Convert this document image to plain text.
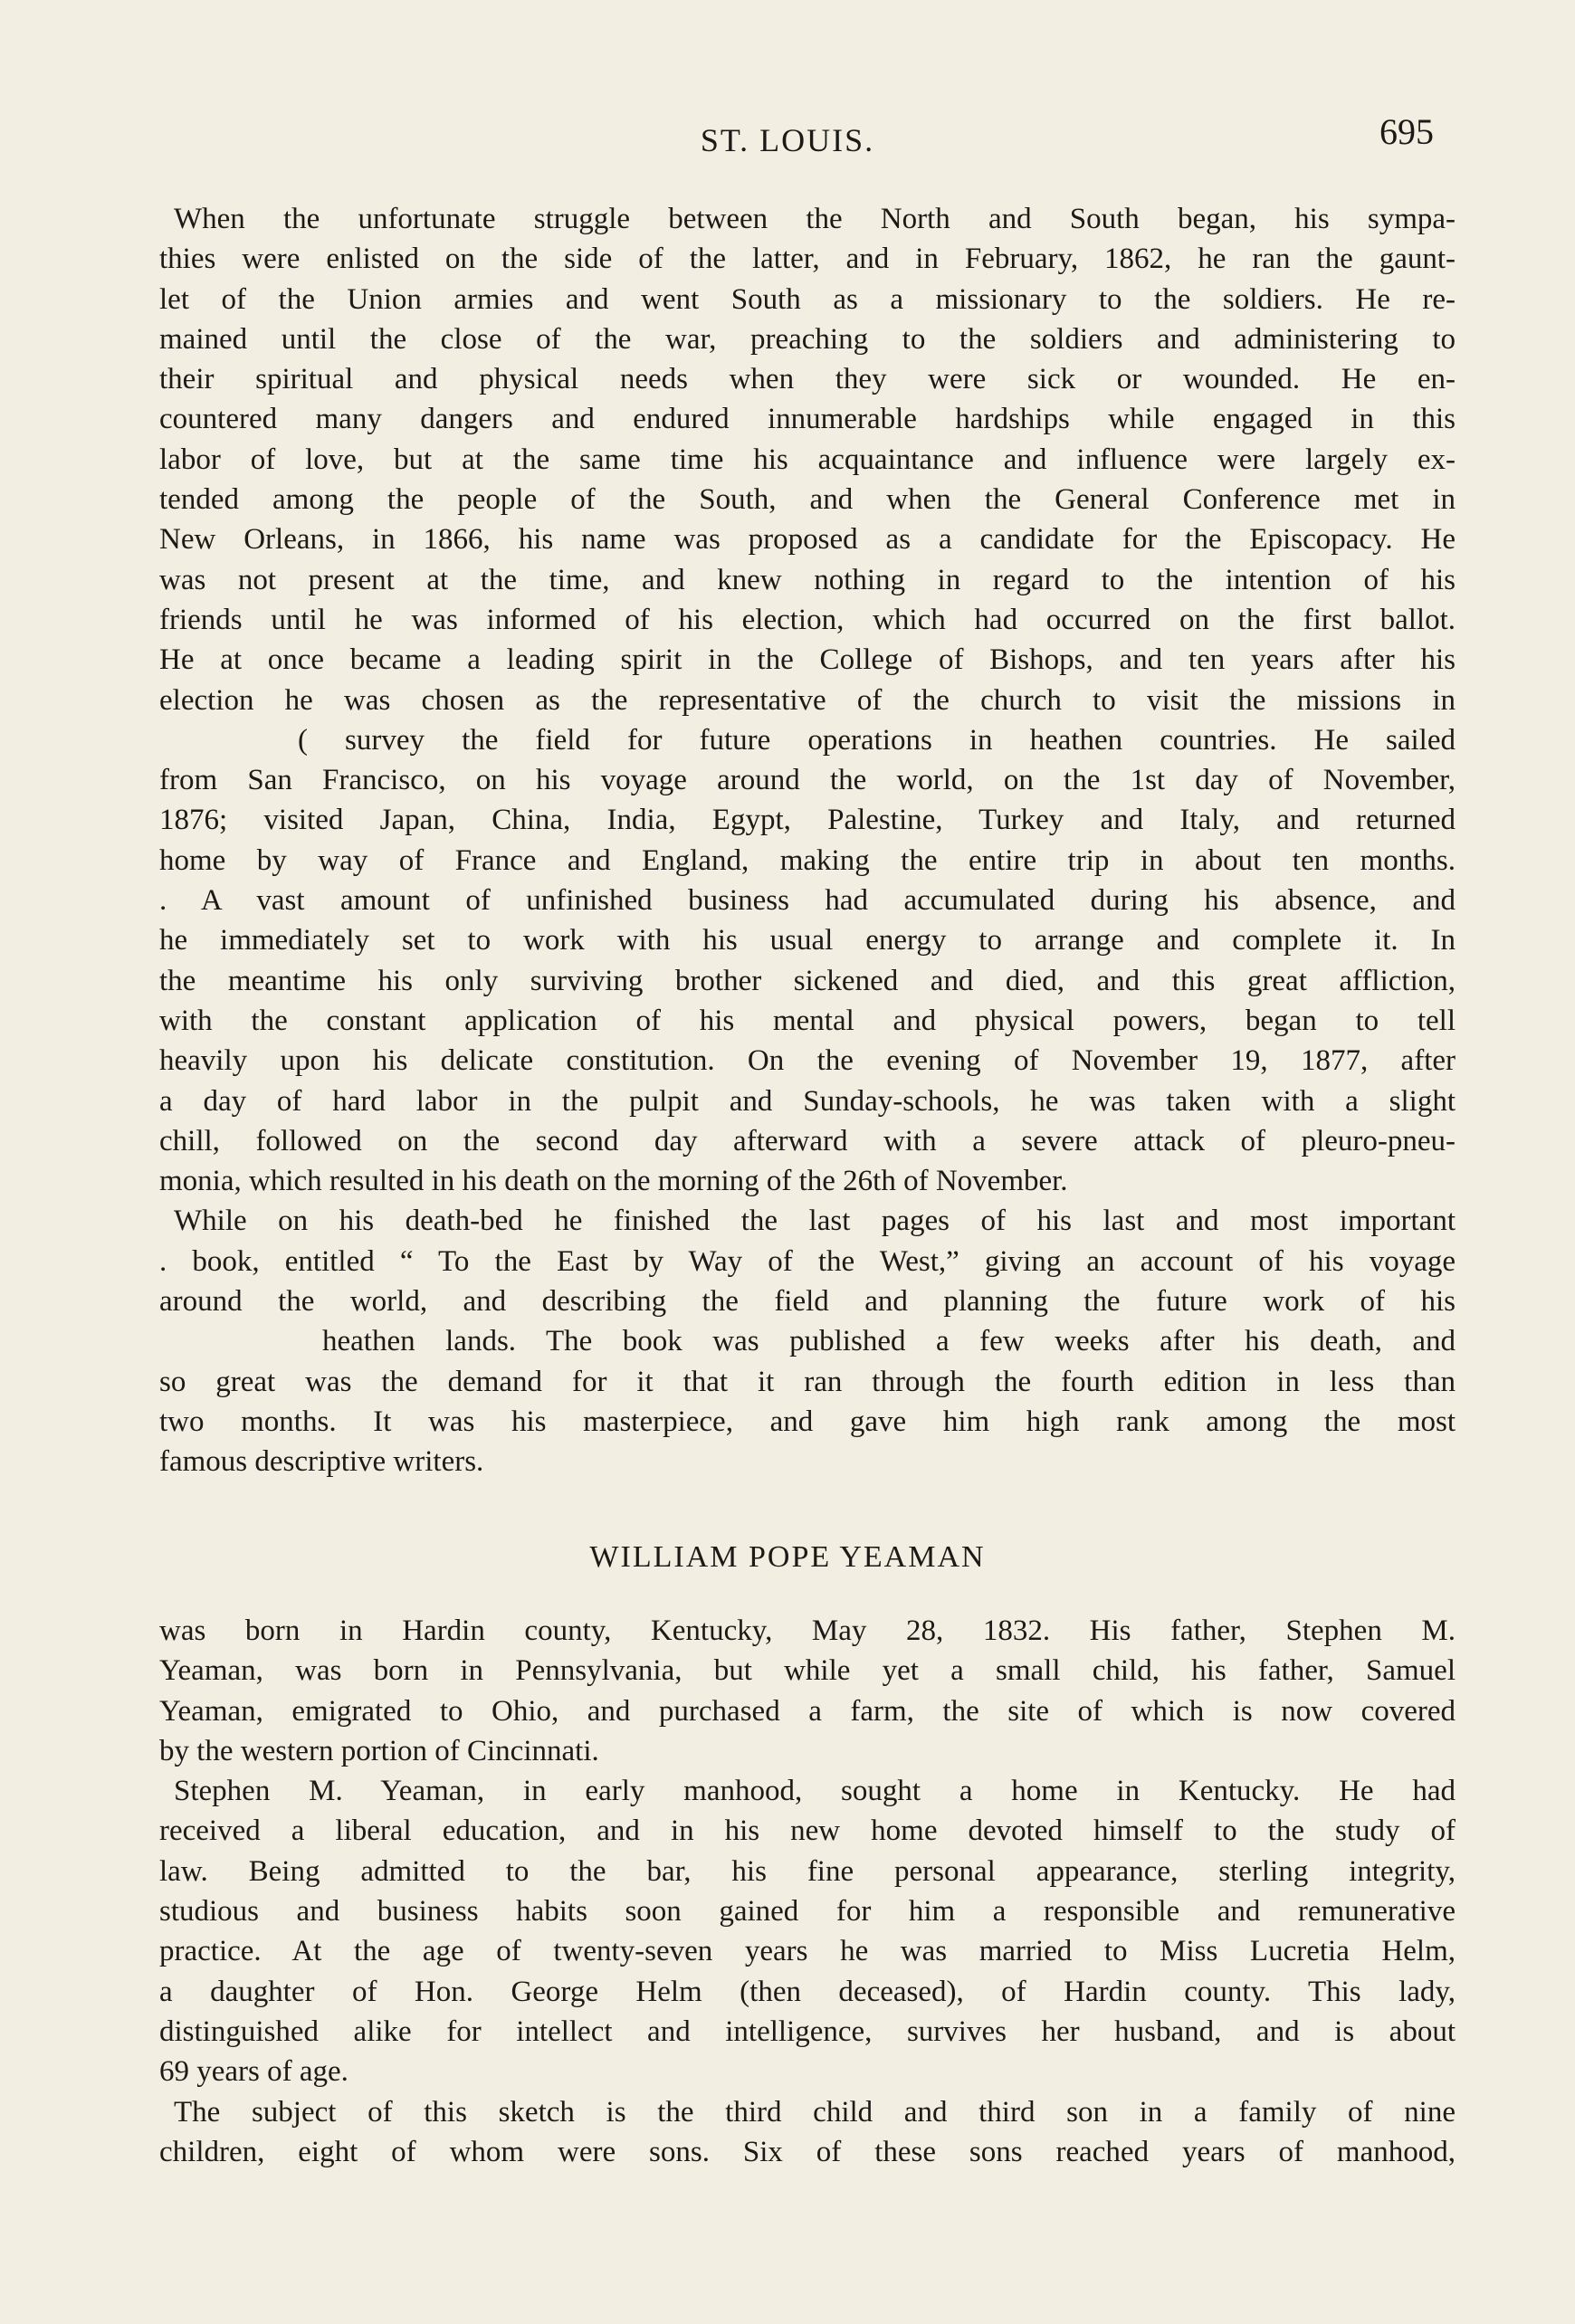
ST. LOUIS.	695
When the unfortunate struggle between the North and South began, his sympa-
thies were enlisted on the side of the latter, and in February, 1862, he ran the gaunt-
let of the Union armies and went South as a missionary to the soldiers. He re-
mained until the close of the war, preaching to the soldiers and administering to
their spiritual and physical needs when they were sick or wounded. He en-
countered many dangers and endured innumerable hardships while engaged in this
labor of love, but at the same time his acquaintance and influence were largely ex-
tended among the people of the South, and when the General Conference met in
New Orleans, in 1866, his name was proposed as a candidate for the Episcopacy. He
was not present at the time, and knew nothing in regard to the intention of his
friends until he was informed of his election, which had occurred on the first ballot.
He at once became a leading spirit in the College of Bishops, and ten years after his
election he was chosen as the representative of the church to visit the missions in
( survey the field for future operations in heathen countries. He sailed
from San Francisco, on his voyage around the world, on the 1st day of November,
1876; visited Japan, China, India, Egypt, Palestine, Turkey and Italy, and returned
home by way of France and England, making the entire trip in about ten months.
. A vast amount of unfinished business had accumulated during his absence, and
he immediately set to work with his usual energy to arrange and complete it. In
the meantime his only surviving brother sickened and died, and this great affliction,
with the constant application of his mental and physical powers, began to tell
heavily upon his delicate constitution. On the evening of November 19, 1877, after
a day of hard labor in the pulpit and Sunday-schools, he was taken with a slight
chill, followed on the second day afterward with a severe attack of pleuro-pneu-
monia, which resulted in his death on the morning of the 26th of November.
While on his death-bed he finished the last pages of his last and most important
. book, entitled “ To the East by Way of the West,” giving an account of his voyage
around the world, and describing the field and planning the future work of his
heathen lands. The book was published a few weeks after his death, and
so great was the demand for it that it ran through the fourth edition in less than
two months. It was his masterpiece, and gave him high rank among the most
famous descriptive writers.
WILLIAM POPE YEAMAN
was born in Hardin county, Kentucky, May 28, 1832. His father, Stephen M.
Yeaman, was born in Pennsylvania, but while yet a small child, his father, Samuel
Yeaman, emigrated to Ohio, and purchased a farm, the site of which is now covered
by the western portion of Cincinnati.
Stephen M. Yeaman, in early manhood, sought a home in Kentucky. He had
received a liberal education, and in his new home devoted himself to the study of
law. Being admitted to the bar, his fine personal appearance, sterling integrity,
studious and business habits soon gained for him a responsible and remunerative
practice. At the age of twenty-seven years he was married to Miss Lucretia Helm,
a daughter of Hon. George Helm (then deceased), of Hardin county. This lady,
distinguished alike for intellect and intelligence, survives her husband, and is about
69 years of age.
The subject of this sketch is the third child and third son in a family of nine
children, eight of whom were sons. Six of these sons reached years of manhood,
